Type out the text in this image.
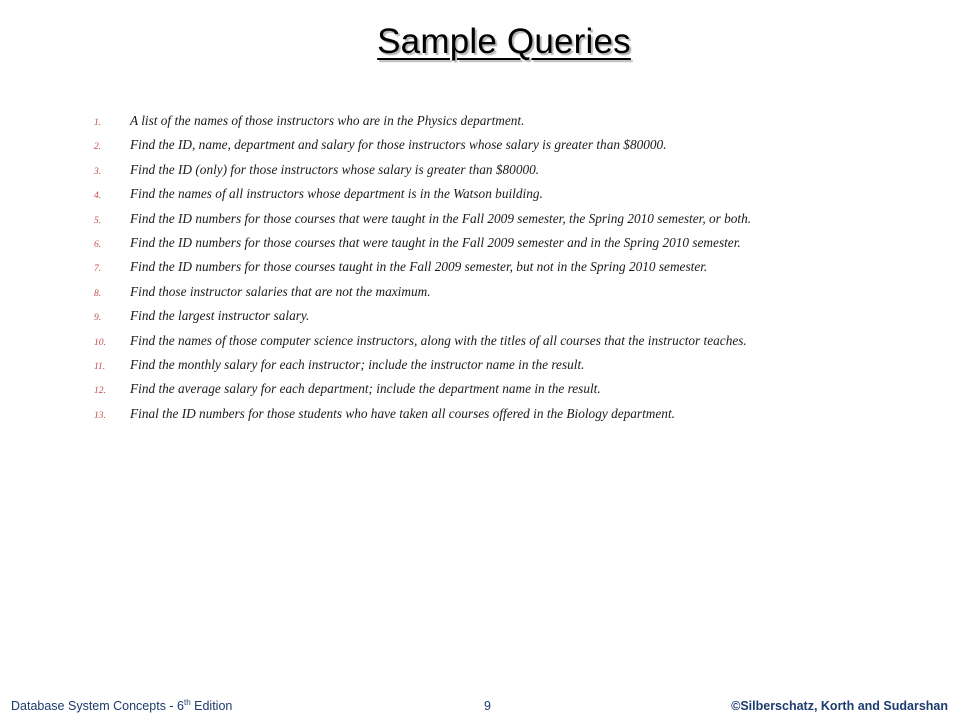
Sample Queries
1.	A list of the names of those instructors who are in the Physics department.
2.	Find the ID, name, department and salary for those instructors whose salary is greater than $80000.
3.	Find the ID (only) for those instructors whose salary is greater than $80000.
4.	Find the names of all instructors whose department is in the Watson building.
5.	Find the ID numbers for those courses that were taught in the Fall 2009 semester, the Spring 2010 semester, or both.
6.	Find the ID numbers for those courses that were taught in the Fall 2009 semester and in the Spring 2010 semester.
7.	Find the ID numbers for those courses taught in the Fall 2009 semester, but not in the Spring 2010 semester.
8.	Find those instructor salaries that are not the maximum.
9.	Find the largest instructor salary.
10.	Find the names of those computer science instructors, along with the titles of all courses that the instructor teaches.
11.	Find the monthly salary for each instructor; include the instructor name in the result.
12.	Find the average salary for each department; include the department name in the result.
13.	Final the ID numbers for those students who have taken all courses offered in the Biology department.
Database System Concepts - 6th Edition	9	©Silberschatz, Korth and Sudarshan
